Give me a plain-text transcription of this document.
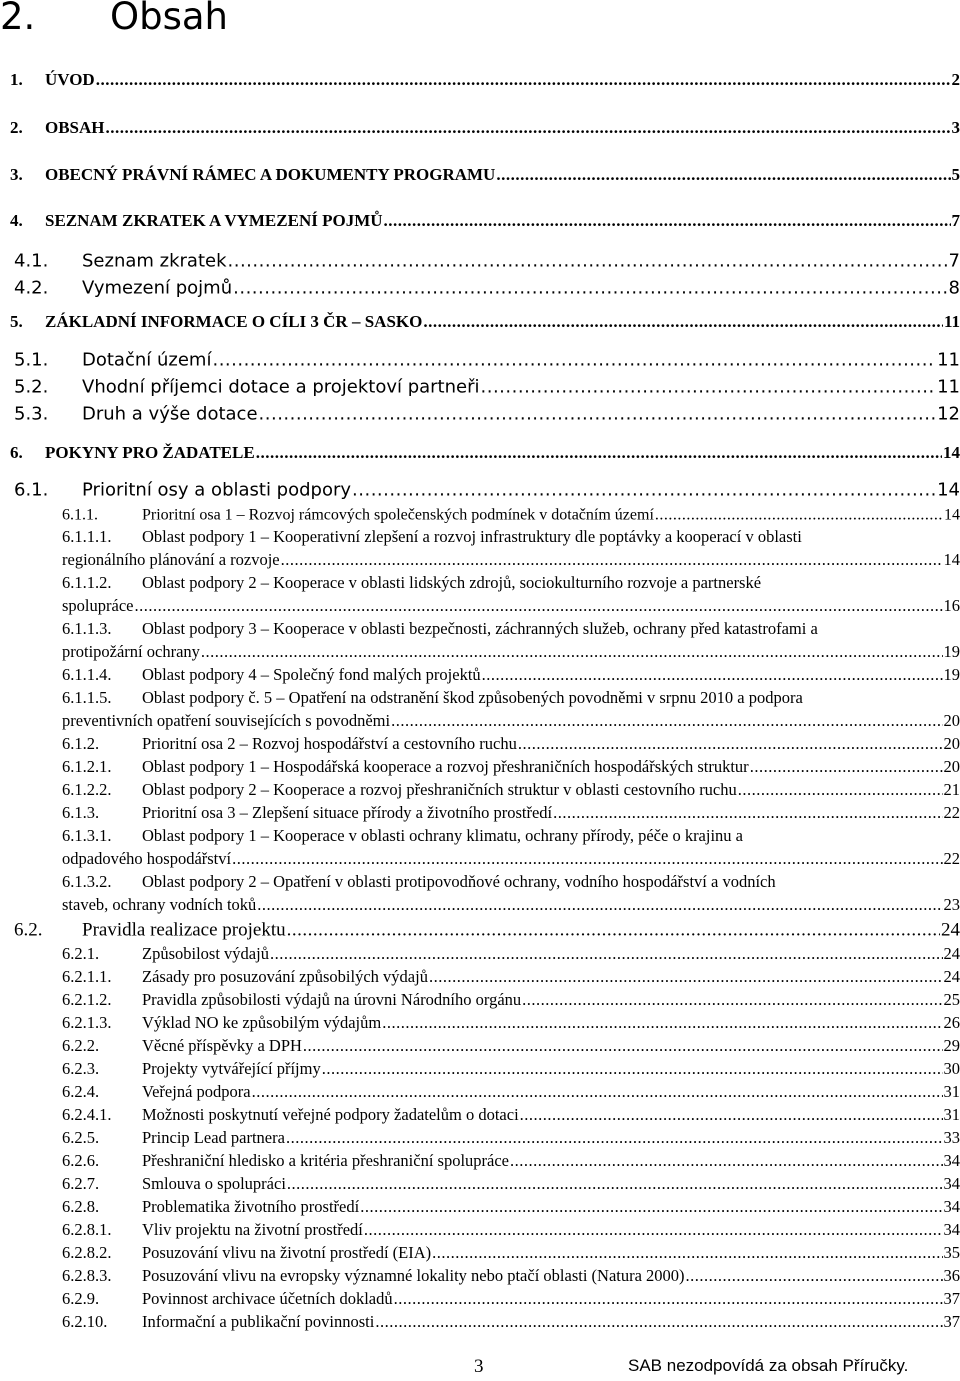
2. Obsah
1.	ÚVOD .....	2
2.	OBSAH .....	3
3.	OBECNÝ PRÁVNÍ RÁMEC A DOKUMENTY PROGRAMU .....	5
4.	SEZNAM ZKRATEK A VYMEZENÍ POJMŮ .....	7
4.1.	Seznam zkratek .....	7
4.2.	Vymezení pojmů .....	8
5.	ZÁKLADNÍ INFORMACE O CÍLI 3 ČR – SASKO .....	11
5.1.	Dotační území .....	11
5.2.	Vhodní příjemci dotace a projektoví partneři .....	11
5.3.	Druh a výše dotace .....	12
6.	POKYNY PRO ŽADATELE .....	14
6.1.	Prioritní osy a oblasti podpory .....	14
6.1.1.	Prioritní osa 1 – Rozvoj rámcových společenských podmínek v dotačním území .....	14
6.1.1.1.	Oblast podpory 1 – Kooperativní zlepšení a rozvoj infrastruktury dle poptávky a kooperací v oblasti
regionálního plánování a rozvoje .....	14
6.1.1.2.	Oblast podpory 2 – Kooperace v oblasti lidských zdrojů, sociokulturního rozvoje a partnerské
spolupráce .....	16
6.1.1.3.	Oblast podpory 3 – Kooperace v oblasti bezpečnosti, záchranných služeb, ochrany před katastrofami a
protipožární ochrany .....	19
6.1.1.4.	Oblast podpory 4 – Společný fond malých projektů .....	19
6.1.1.5.	Oblast podpory č. 5 – Opatření na odstranění škod způsobených povodněmi v srpnu 2010 a podpora
preventivních opatření souvisejících s povodněmi .....	20
6.1.2.	Prioritní osa 2 – Rozvoj hospodářství a cestovního ruchu .....	20
6.1.2.1.	Oblast podpory 1 – Hospodářská kooperace a rozvoj přeshraničních hospodářských struktur .....	20
6.1.2.2.	Oblast podpory 2 – Kooperace a rozvoj přeshraničních struktur v oblasti cestovního ruchu .....	21
6.1.3.	Prioritní osa 3 – Zlepšení situace přírody a životního prostředí .....	22
6.1.3.1.	Oblast podpory 1 – Kooperace v oblasti ochrany klimatu, ochrany přírody, péče o krajinu a
odpadového hospodářství .....	22
6.1.3.2.	Oblast podpory 2 – Opatření v oblasti protipovodňové ochrany, vodního hospodářství a vodních
staveb, ochrany vodních toků .....	23
6.2.	Pravidla realizace projektu .....	24
6.2.1.	Způsobilost výdajů .....	24
6.2.1.1.	Zásady pro posuzování způsobilých výdajů .....	24
6.2.1.2.	Pravidla způsobilosti výdajů na úrovni Národního orgánu .....	25
6.2.1.3.	Výklad NO ke způsobilým výdajům .....	26
6.2.2.	Věcné příspěvky a DPH .....	29
6.2.3.	Projekty vytvářející příjmy .....	30
6.2.4.	Veřejná podpora .....	31
6.2.4.1.	Možnosti poskytnutí veřejné podpory žadatelům o dotaci .....	31
6.2.5.	Princip Lead partnera .....	33
6.2.6.	Přeshraniční hledisko a kritéria přeshraniční spolupráce .....	34
6.2.7.	Smlouva o spolupráci .....	34
6.2.8.	Problematika životního prostředí .....	34
6.2.8.1.	Vliv projektu na životní prostředí .....	34
6.2.8.2.	Posuzování vlivu na životní prostředí (EIA) .....	35
6.2.8.3.	Posuzování vlivu na evropsky významné lokality nebo ptačí oblasti (Natura 2000) .....	36
6.2.9.	Povinnost archivace účetních dokladů .....	37
6.2.10.	Informační a publikační povinnosti .....	37
3	SAB nezodpovídá za obsah Příručky.
